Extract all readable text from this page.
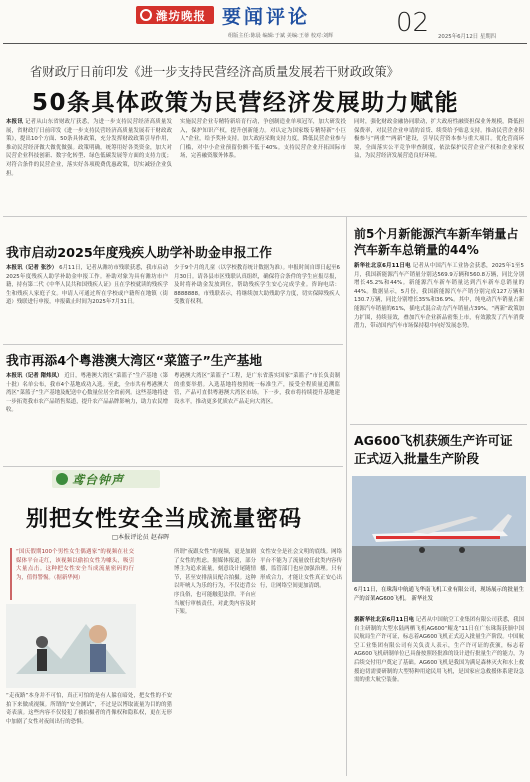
潍坊晚报 要闻评论
组版主任:陈晨 编辑:于斌 美编:王蒂 校对:刘辉 02 2025年6月12日 星期四
省财政厅日前印发《进一步支持民营经济高质量发展若干财政政策》
50条具体政策为民营经济发展助力赋能
本报讯 记者从山东省财政厅获悉，为进一步支持民营经济高质量发展，省财政厅日前印发《进一步支持民营经济高质量发展若干财政政策》，提出10个方面、50条具体政策，充分发挥财政政策引导作用，推动民营经济做大做优做强。政策明确，统筹用好各类资金，加大对民营企业科技创新、数字化转型、绿色低碳发展等方面的支持力度；对符合条件的民营企业，落实好各项税费优惠政策，切实减轻企业负担。
实施民营企业专精特新培育行动，争创制造业单项冠军，加大研发投入，保护知识产权，提升创新能力。对认定为国家级专精特新“小巨人”企业，给予奖补支持。加大政府采购支持力度，降低民营企业参与门槛，对中小企业预留份额不低于40%。支持民营企业开拓国际市场，完善融资服务体系。
同时，强化财政金融协同联动，扩大政府性融资担保业务规模，降低担保费率，对民营企业申请的首贷、续贷给予贴息支持。推动民营企业积极参与“两重”“两新”建设，引导民营资本参与重大项目。优化营商环境，全面落实公平竞争审查制度，依法保护民营企业产权和企业家权益，为民营经济发展营造良好环境。
我市启动2025年度残疾人助学补助金申报工作
本报讯（记者 张沙） 6月11日，记者从潍坊市残联获悉，我市启动2025年度残疾人助学补助金申报工作。补助对象为具有潍坊市户籍，持有第二代《中华人民共和国残疾人证》且在学校就读的残疾学生和残疾人家庭子女。申请人可通过所在学校或户籍所在地镇（街道）残联进行申报，申报截止时间为2025年7月31日。
少于9个月的儿童（以学校教育统计数据为准）。申报时间自即日起至6月30日。请各县市区残联认真组织，确保符合条件的学生应报尽报，及时将补助金发放到位，帮助残疾学生安心完成学业。咨询电话：8888888。市残联表示，将继续加大助残助学力度，切实保障残疾人受教育权利。
我市再添4个粤港澳大湾区“菜篮子”生产基地
本报讯（记者 隋炜凤） 近日，粤港澳大湾区“菜篮子”生产基地（第十批）名单公布，我市4个基地成功入选。至此，全市共有粤港澳大湾区“菜篮子”生产基地及配送中心数量位居全省前列。这些基地将进一步拓宽我市农产品销售渠道，提升农产品品牌影响力，助力农民增收。
粤港澳大湾区“菜篮子”工程，是广东省落实国家“菜篮子”市长负责制的重要举措。入选基地将按照统一标准生产，接受全程质量追溯监管，产品可直供粤港澳大湾区市场。下一步，我市将持续提升基地建设水平，推动更多优质农产品走向大湾区。
鸢台钟声
别把女性安全当成流量密码
□本报评论员 赵春晖
“国庆假期100个男性女生偶遇家”的视频在社交媒体平台走红，该视频以偷拍女性为噱头，吸引大量点击。这种把女性安全当成流量密码的行为，值得警惕。（据新华网）
“走夜路”本身并不可怕，真正可怕的是有人躲在暗处，把女性的不安拍下来做成视频。所谓的“安全测试”，不过是以博取流量为目的的猎奇表演。这些内容不仅侵犯了被拍摄者的肖像权和隐私权，更在无形中加剧了女性对夜间出行的恐惧。
所谓“夜跟女性”的视频，更是加剧了女性的焦虑。据媒体报道，部分博主为追求流量，刻意设计尾随情节，甚至安排演员配合拍摄。这种以吓唬人为乐的行为，不仅违背公序良俗，也可能触犯法律。平台应当履行审核责任，对此类内容及时下架。
女性安全是社会文明的底线。网络平台不能为了流量放任此类内容传播，监管部门也应加强治理。只有形成合力，才能让女性真正安心出行，让网络空间更加清朗。
前5个月新能源汽车新车销量占汽车新车总销量的44%
新华社北京6月11日电 记者从中国汽车工业协会获悉，2025年1至5月，我国新能源汽车产销量分别达569.9万辆和560.8万辆，同比分别增长45.2%和44%。新能源汽车新车销量达到汽车新车总销量的44%。数据显示，5月份，我国新能源汽车产销分别完成127万辆和130.7万辆，同比分别增长35%和36.9%。其中，纯电动汽车销量占新能源汽车销量的61%，插电式混合动力汽车销量占39%。“两新”政策加力扩围，持续显效，叠加汽车企业新品密集上市，有效激发了汽车消费潜力，带动国内汽车市场保持稳中向好发展态势。
AG600飞机获颁生产许可证正式迈入批量生产阶段
6月11日，在珠海中航通飞华南飞机工业有限公司，现场展示的批量生产的首架AG600飞机。 新华社发
据新华社北京6月11日电 记者从中国航空工业集团有限公司获悉，我国自主研制的大型水陆两栖飞机AG600“鲲龙”11日在广东珠海获颁中国民航局生产许可证，标志着AG600飞机正式迈入批量生产阶段。中国航空工业集团有限公司有关负责人表示，生产许可证的获颁，标志着AG600飞机研制单位已具备按照经批准的设计进行批量生产的能力，为后续交付用户奠定了基础。AG600飞机是我国为满足森林灭火和水上救援迫切需要研制的大型特种用途民用飞机，是国家应急救援体系建设急需的重大航空装备。
